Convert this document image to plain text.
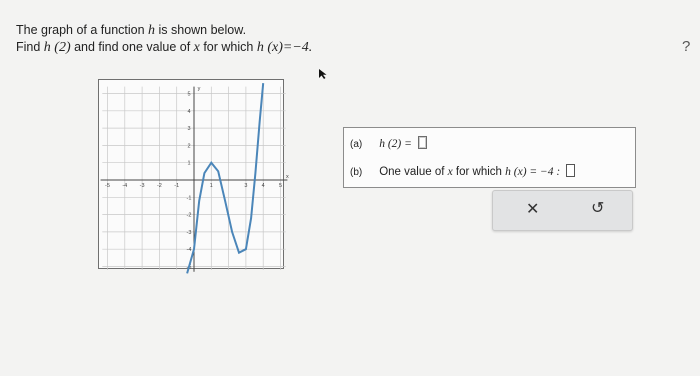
The graph of a function h is shown below.
Find h (2) and find one value of x for which h (x)=−4.	?
-5 -4 -3 -2 -1	1	3	4	5
5
4
3
2
1
-1
-2
-3
-4
-5
x
y
(a) h (2) =
(b) One value of x for which h (x) = −4 :
✕	↺
